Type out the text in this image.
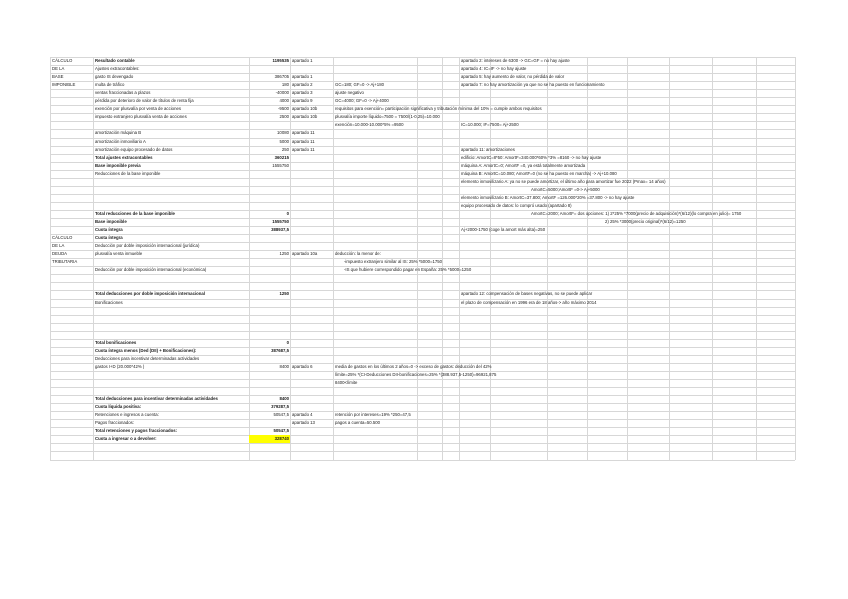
CÁLCULO
DE LA
BASE
IMPONIBLE
CÁLCULO
DE LA
DEUDA
TRIBUTARIA
Resultado contable
Ajustes extracontables:
gasto IS devengado
multa de tráfico
ventas fraccionadas a plazos
pérdida por deterioro de valor de títulos de renta fija
exención por plusvalía por venta de acciones
impuesto extranjero plusvalía venta de acciones
amortización máquina B
amortización inmoviliario A
amortización equipo procesado de datos
Total ajustes extracontables
Base imponible previa
Reducciones de la base imponible
Total reducciones de la base imponible
Base imponible
Cuota íntegra
Cuota íntegra
Deducción por doble imposición internacional (jurídica)
plusvalía venta inmueble
Deducción por doble imposición internacional (económica)
Total deducciones por doble imposición internacional
Bonificaciones
Total bonificaciones
Cuota íntegra menos (Ded (DII) + Bonificaciones):
Deducciones para incentivar determinadas actividades
gastos I+D (20.000*42% )
Total deducciones para incentivar determinadas actividades
Cuota líquida positiva:
Retenciones e ingresos a cuenta:
Pagos fraccionados:
Total retenciones y pagos fraccionados:
Cuota a ingresar o a devolver:
1195535
386705
180
-40000
4000
-9500
2500
10080
5000
250
360215
1555750
0
1555750
388937,5
1250
1250
0
387687,5
8400
8400
379287,5
50547,5
50547,5
328740
apartado 1
apartado 1
apartado 2
apartado 3
apartado 9
apartado 10b
apartado 10b
apartado 11
apartado 11
apartado 11
apartado 10a
apartado 6
apartado 4
apartado 13
GC=180; GF=0 -> Aj+180
ajuste negativo
GC=4000; GF=0 -> Aj+4000
requisitos para exención= participación significativa y tributación mínima del 10% = cumple ambos requisitos
plusvalía importe líquido=7500 = 7500/(1-0,25)=10.000
exención=10.000-10.000*5% =9500
deducción: la menor de:
-impuesto extranjero similar al IS: 25% *5000=1750
-IS que hubiere correspondido pagar en España: 25% *5000=1250
media de gastos en los últimos 2 años=0 -> exceso de gastos: deducción del 42%
límite=25% *(CI-Deducciones DII-bonificaciones=25% *(388.937,5-1250)=96921,875
8400<límite
retención por intereses=19% *250=47,5
pagos a cuenta=50.500
apartado 2: intereses de 6300 -> GC=GF = no hay ajuste
apartado 4: IC=IF -> no hay ajuste
apartado 5: hay aumento de valor, no pérdida de valor
apartado 7: no hay amortización ya que no se ha puesto en funcionamiento
IC=10.000; IF=7500= Aj+2500
apartado 11: amortizaciones
edificio: AmortC=8*50: AmortF=340.000*60% *3% =8160 -> no hay ajuste
máquina A: AmortC=0; AmortF =0, ya está totalmente amortizada
máquina B: AmortC=10.080; AmortF=0 (no se ha puesto en marcha) -> Aj+10.080
elemento inmovilizario A: ya no se puede amortizar, el último año para amortizar fue 2022 (Pmax= 14 años)
AmortC=5000;AmortF =0-> Aj+5000
elemento inmovilizario B: AmortC=37.800; AmortF =126.000*20% =37.800 -> no hay ajuste
equipo procesado de datos: lo compró usado (apartado 8)
AmortC=2000; AmortF= dos opciones: 1) 2*25% *7000(precio de adquisición)*(6/12)(lo compra en julio)= 1750
2) 25% *3000(precio original)*(6/12)=1250
Aj+2000-1750 (coge la amort más alta)=250
apartado 12: compensación de bases negativas, no se puede aplicar
el plazo de compensación en 1996 era de 18 años-> año máximo 2014
